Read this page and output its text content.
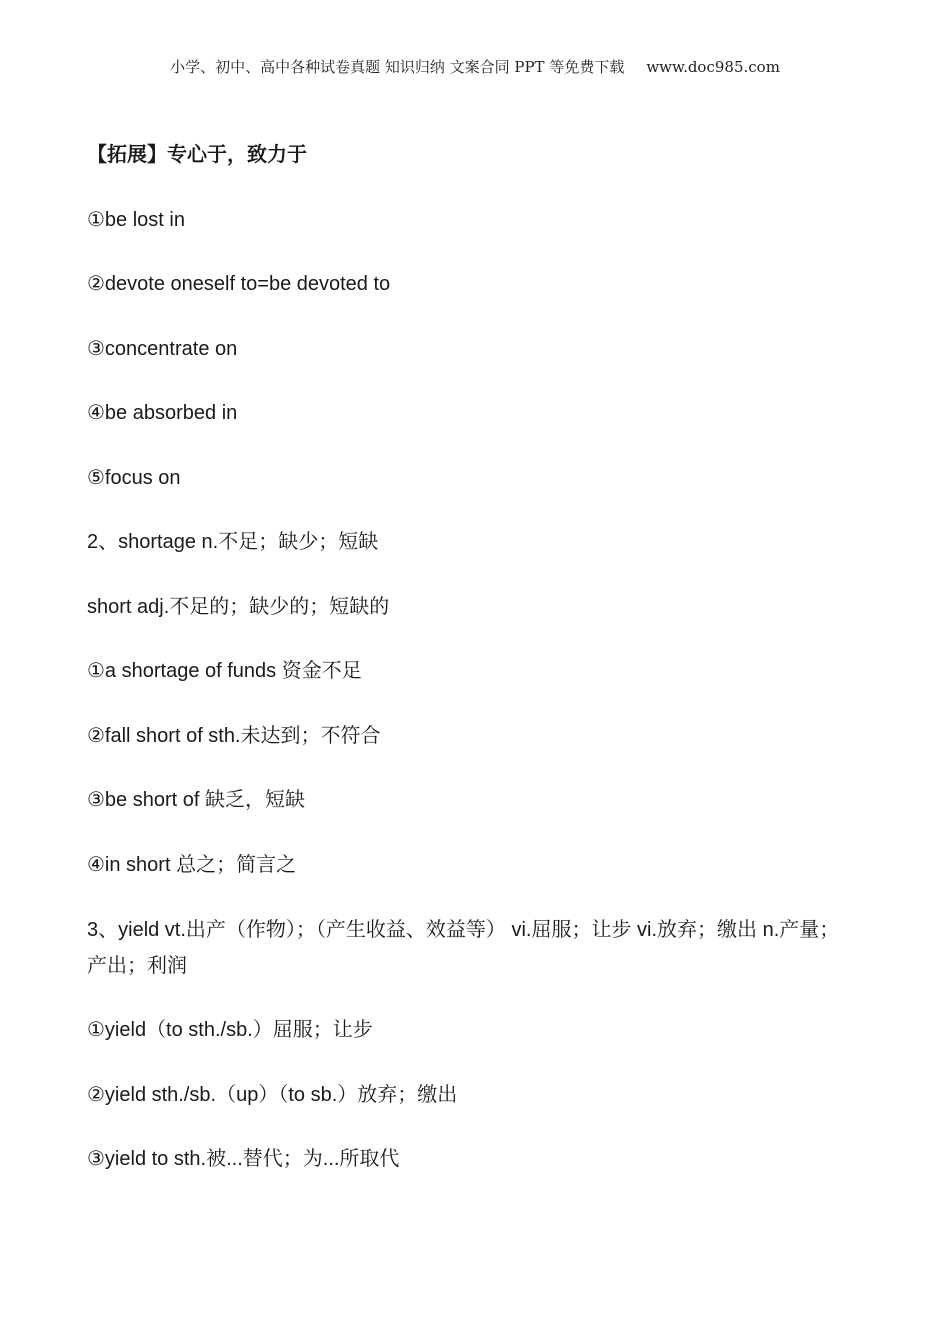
小学、初中、高中各种试卷真题 知识归纳 文案合同 PPT 等免费下载 www.doc985.com
【拓展】专心于，致力于
①be lost in
②devote oneself to=be devoted to
③concentrate on
④be absorbed in
⑤focus on
2、shortage n.不足；缺少；短缺
short adj.不足的；缺少的；短缺的
①a shortage of funds 资金不足
②fall short of sth.未达到；不符合
③be short of 缺乏，短缺
④in short 总之；简言之
3、yield vt.出产（作物）；（产生收益、效益等） vi.屈服；让步 vi.放弃；缴出 n.产量；产出；利润
①yield（to sth./sb.）屈服；让步
②yield sth./sb.（up）（to sb.）放弃；缴出
③yield to sth.被...替代；为...所取代
